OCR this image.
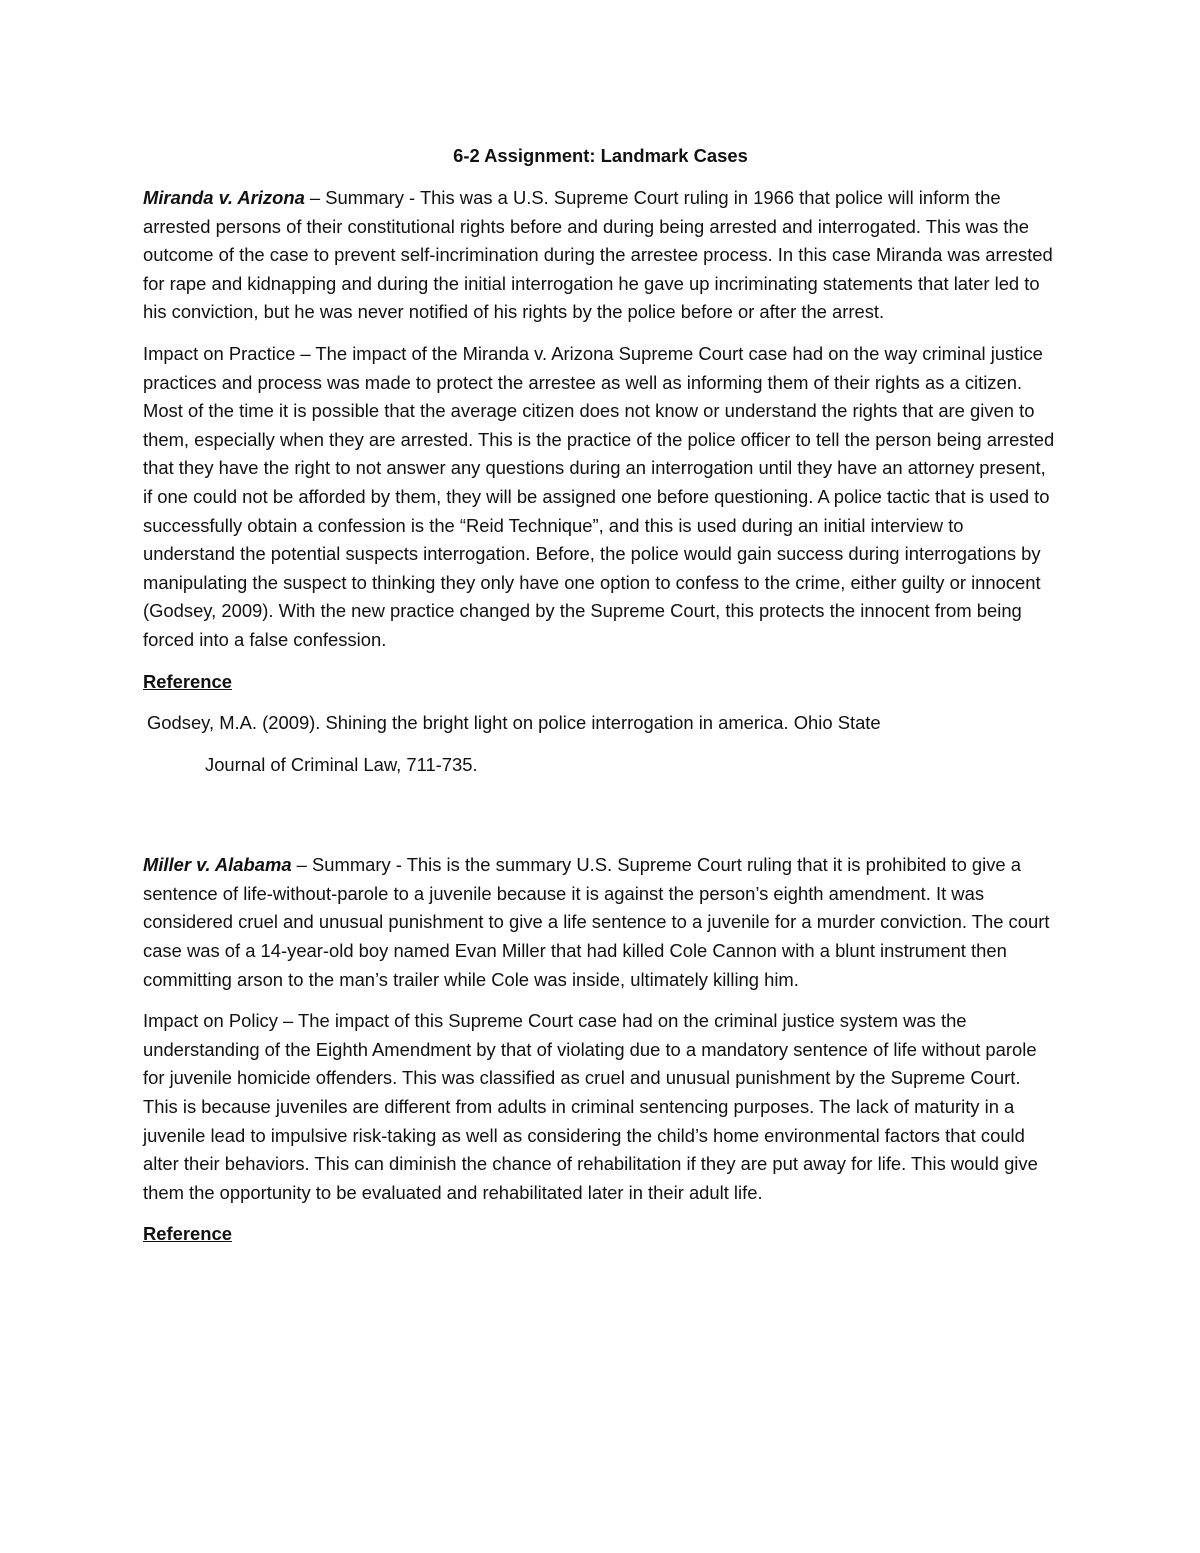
6-2 Assignment: Landmark Cases

Miranda v. Arizona – Summary - This was a U.S. Supreme Court ruling in 1966 that police will inform the arrested persons of their constitutional rights before and during being arrested and interrogated. This was the outcome of the case to prevent self-incrimination during the arrestee process. In this case Miranda was arrested for rape and kidnapping and during the initial interrogation he gave up incriminating statements that later led to his conviction, but he was never notified of his rights by the police before or after the arrest.

Impact on Practice – The impact of the Miranda v. Arizona Supreme Court case had on the way criminal justice practices and process was made to protect the arrestee as well as informing them of their rights as a citizen. Most of the time it is possible that the average citizen does not know or understand the rights that are given to them, especially when they are arrested. This is the practice of the police officer to tell the person being arrested that they have the right to not answer any questions during an interrogation until they have an attorney present, if one could not be afforded by them, they will be assigned one before questioning. A police tactic that is used to successfully obtain a confession is the “Reid Technique”, and this is used during an initial interview to understand the potential suspects interrogation. Before, the police would gain success during interrogations by manipulating the suspect to thinking they only have one option to confess to the crime, either guilty or innocent (Godsey, 2009). With the new practice changed by the Supreme Court, this protects the innocent from being forced into a false confession.

Reference
Godsey, M.A. (2009). Shining the bright light on police interrogation in america. Ohio State
Journal of Criminal Law, 711-735.

Miller v. Alabama – Summary - This is the summary U.S. Supreme Court ruling that it is prohibited to give a sentence of life-without-parole to a juvenile because it is against the person’s eighth amendment. It was considered cruel and unusual punishment to give a life sentence to a juvenile for a murder conviction. The court case was of a 14-year-old boy named Evan Miller that had killed Cole Cannon with a blunt instrument then committing arson to the man’s trailer while Cole was inside, ultimately killing him.

Impact on Policy – The impact of this Supreme Court case had on the criminal justice system was the understanding of the Eighth Amendment by that of violating due to a mandatory sentence of life without parole for juvenile homicide offenders. This was classified as cruel and unusual punishment by the Supreme Court. This is because juveniles are different from adults in criminal sentencing purposes. The lack of maturity in a juvenile lead to impulsive risk-taking as well as considering the child’s home environmental factors that could alter their behaviors. This can diminish the chance of rehabilitation if they are put away for life. This would give them the opportunity to be evaluated and rehabilitated later in their adult life.

Reference
